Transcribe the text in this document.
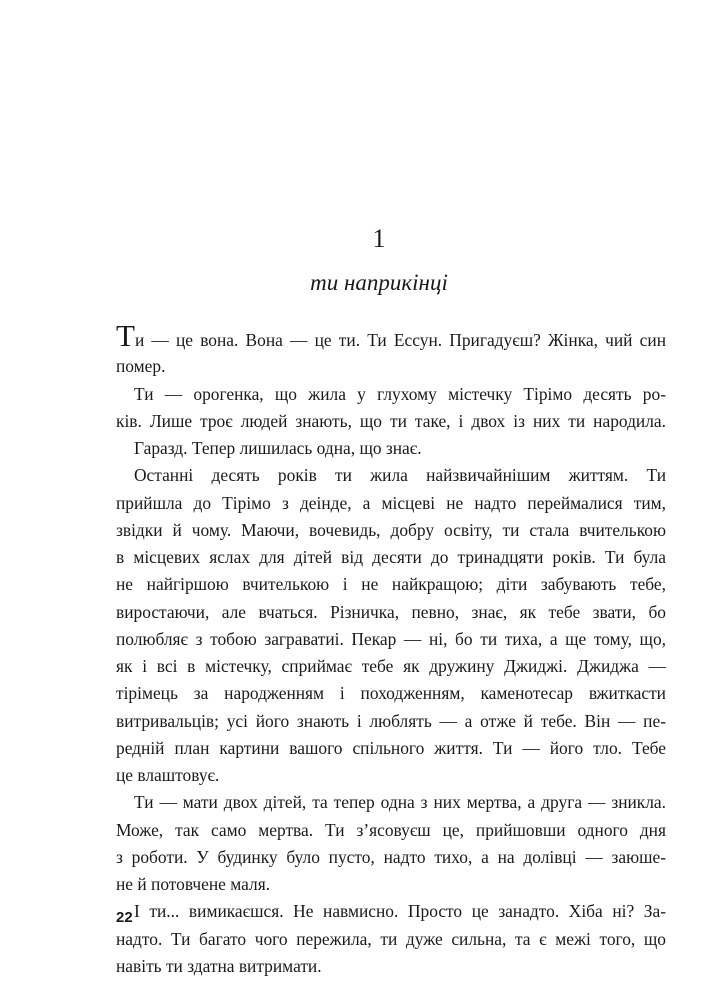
1
ти наприкінці
Ти — це вона. Вона — це ти. Ти Ессун. Пригадуєш? Жінка, чий син
помер.
Ти — орогенка, що жила у глухому містечку Тірімо десять ро-
ків. Лише троє людей знають, що ти таке, і двох із них ти народила.
Гаразд. Тепер лишилась одна, що знає.
Останні десять років ти жила найзвичайнішим життям. Ти
прийшла до Тірімо з деінде, а місцеві не надто переймалися тим,
звідки й чому. Маючи, вочевидь, добру освіту, ти стала вчителькою
в місцевих яслах для дітей від десяти до тринадцяти років. Ти була
не найгіршою вчителькою і не найкращою; діти забувають тебе,
виростаючи, але вчаться. Різничка, певно, знає, як тебе звати, бо
полюбляє з тобою заграватиі. Пекар — ні, бо ти тиха, а ще тому, що,
як і всі в містечку, сприймає тебе як дружину Джиджі. Джиджа —
тірімець за народженням і походженням, каменотесар вжиткасти
витривальців; усі його знають і люблять — а отже й тебе. Він — пе-
редній план картини вашого спільного життя. Ти — його тло. Тебе
це влаштовує.
Ти — мати двох дітей, та тепер одна з них мертва, а друга — зникла.
Може, так само мертва. Ти з’ясовуєш це, прийшовши одного дня
з роботи. У будинку було пусто, надто тихо, а на долівці — заюше-
не й потовчене маля.
І ти... вимикаєшся. Не навмисно. Просто це занадто. Хіба ні? За-
надто. Ти багато чого пережила, ти дуже сильна, та є межі того, що
навіть ти здатна витримати.
22
